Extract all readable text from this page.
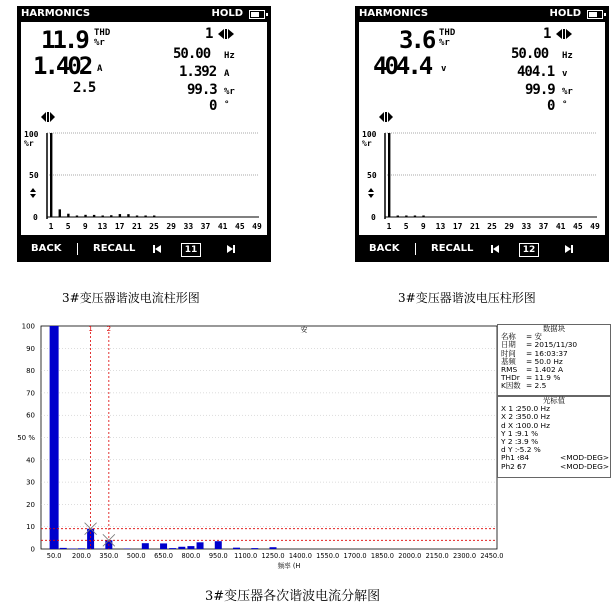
HARMONICS	HOLD
11.9 THD
%r
1.402 A
2.5
1
50.00 Hz
1.392 A
99.3 %r
0 °
100
%r
50
0
1 5 9 13 17 21 25 29 33 37 41 45 49
BACK	RECALL	11
HARMONICS	HOLD
3.6 THD
%r
404.4 v
1
50.00 Hz
404.1 v
99.9 %r
0 °
100
%r
50
0
1 5 9 13 17 21 25 29 33 37 41 45 49
BACK	RECALL	12
3#变压器谐波电流柱形图	3#变压器谐波电压柱形图
0
10
20
30
40
50 %
60
70
80
90
100	1 2	安
50.0 200.0 350.0 500.0 650.0 800.0 950.0 1100.0 1250.0 1400.0 1550.0 1700.0 1850.0 2000.0 2150.0 2300.0 2450.0
频率 (H
数据块
名称 = 安
日期 = 2015/11/30
时间 = 16:03:37
基频 = 50.0 Hz
RMS = 1.402 A
THDr = 11.9 %
K因数 = 2.5
光标值
X 1 : 250.0 Hz
X 2 : 350.0 Hz
d X : 100.0 Hz
Y 1 : 9.1 %
Y 2 : 3.9 %
d Y : -5.2 %
Ph1 :
-84	<MOD-DEG>
Ph2 :
67	<MOD-DEG>
3#变压器各次谐波电流分解图
